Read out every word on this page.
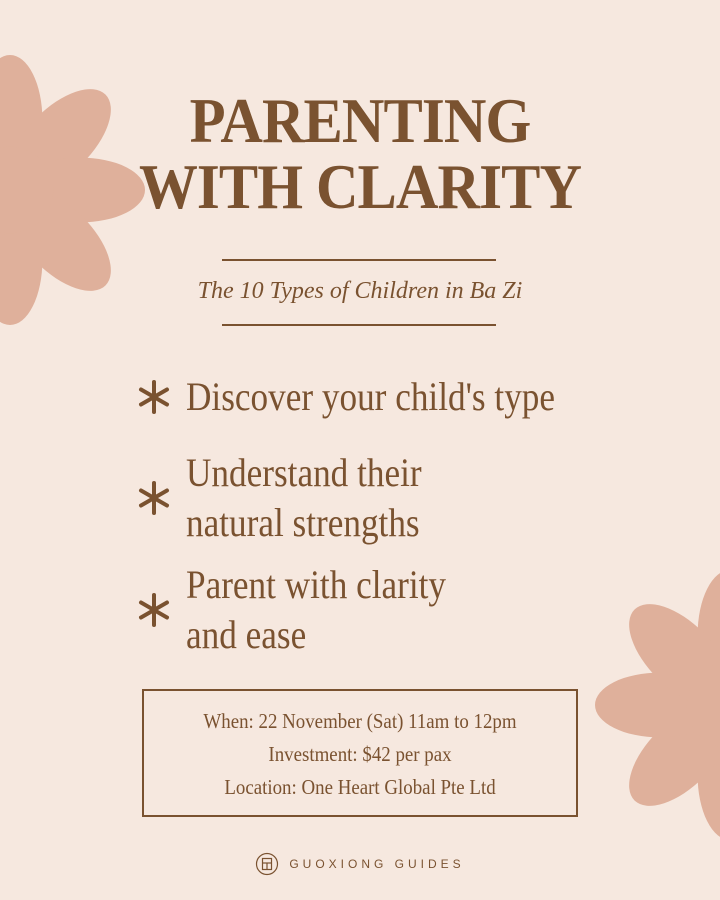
PARENTING
WITH CLARITY
The 10 Types of Children in Ba Zi
Discover your child's type
Understand their
natural strengths
Parent with clarity
and ease
When: 22 November (Sat) 11am to 12pm
Investment: $42 per pax
Location: One Heart Global Pte Ltd
GUOXIONG GUIDES
